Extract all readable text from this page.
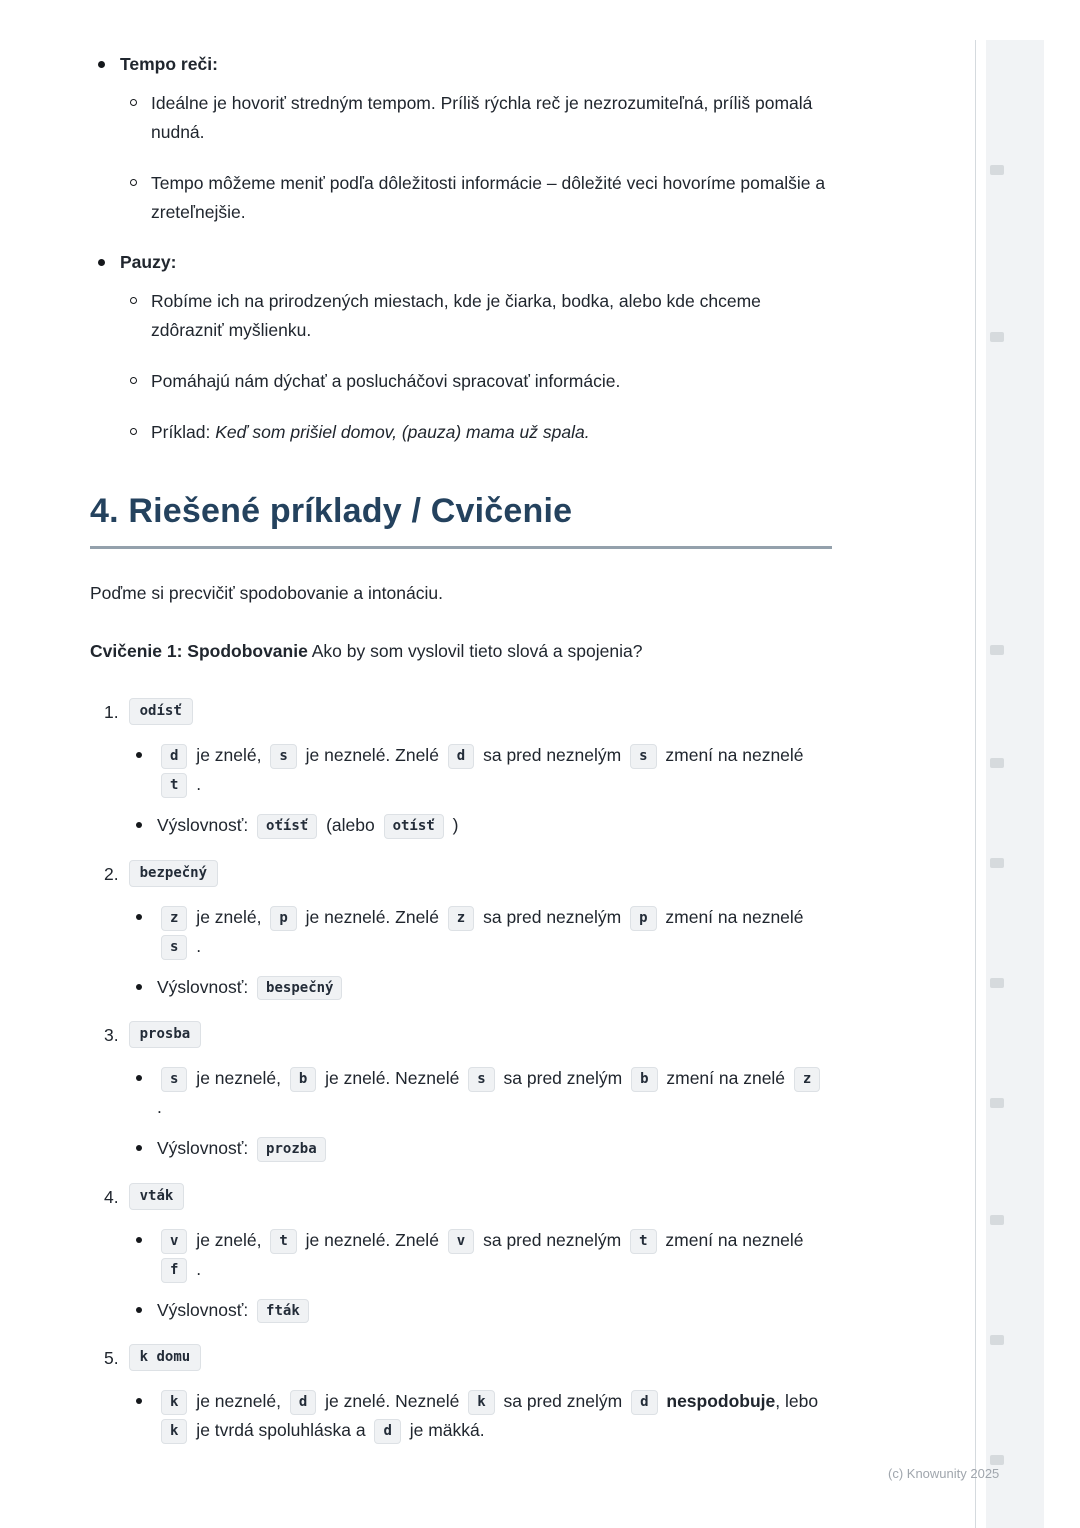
Tempo reči:
Ideálne je hovoriť stredným tempom. Príliš rýchla reč je nezrozumiteľná, príliš pomalá nudná.
Tempo môžeme meniť podľa dôležitosti informácie – dôležité veci hovoríme pomalšie a zreteľnejšie.
Pauzy:
Robíme ich na prirodzených miestach, kde je čiarka, bodka, alebo kde chceme zdôrazniť myšlienku.
Pomáhajú nám dýchať a poslucháčovi spracovať informácie.
Príklad: Keď som prišiel domov, (pauza) mama už spala.
4. Riešené príklady / Cvičenie

Poďme si precvičiť spodobovanie a intonáciu.

Cvičenie 1: Spodobovanie Ako by som vyslovil tieto slová a spojenia?

1.	odísť
d je znelé, s je neznelé. Znelé d sa pred neznelým s zmení na neznelé t .
Výslovnosť: oťísť (alebo otísť )
2.	bezpečný
z je znelé, p je neznelé. Znelé z sa pred neznelým p zmení na neznelé s .
Výslovnosť: bespečný
3.	prosba
s je neznelé, b je znelé. Neznelé s sa pred znelým b zmení na znelé z .
Výslovnosť: prozba
4.	vták
v je znelé, t je neznelé. Znelé v sa pred neznelým t zmení na neznelé f .
Výslovnosť: fták
5.	k domu
k je neznelé, d je znelé. Neznelé k sa pred znelým d nespodobuje, lebo k je tvrdá spoluhláska a d je mäkká.
(c) Knowunity 2025
